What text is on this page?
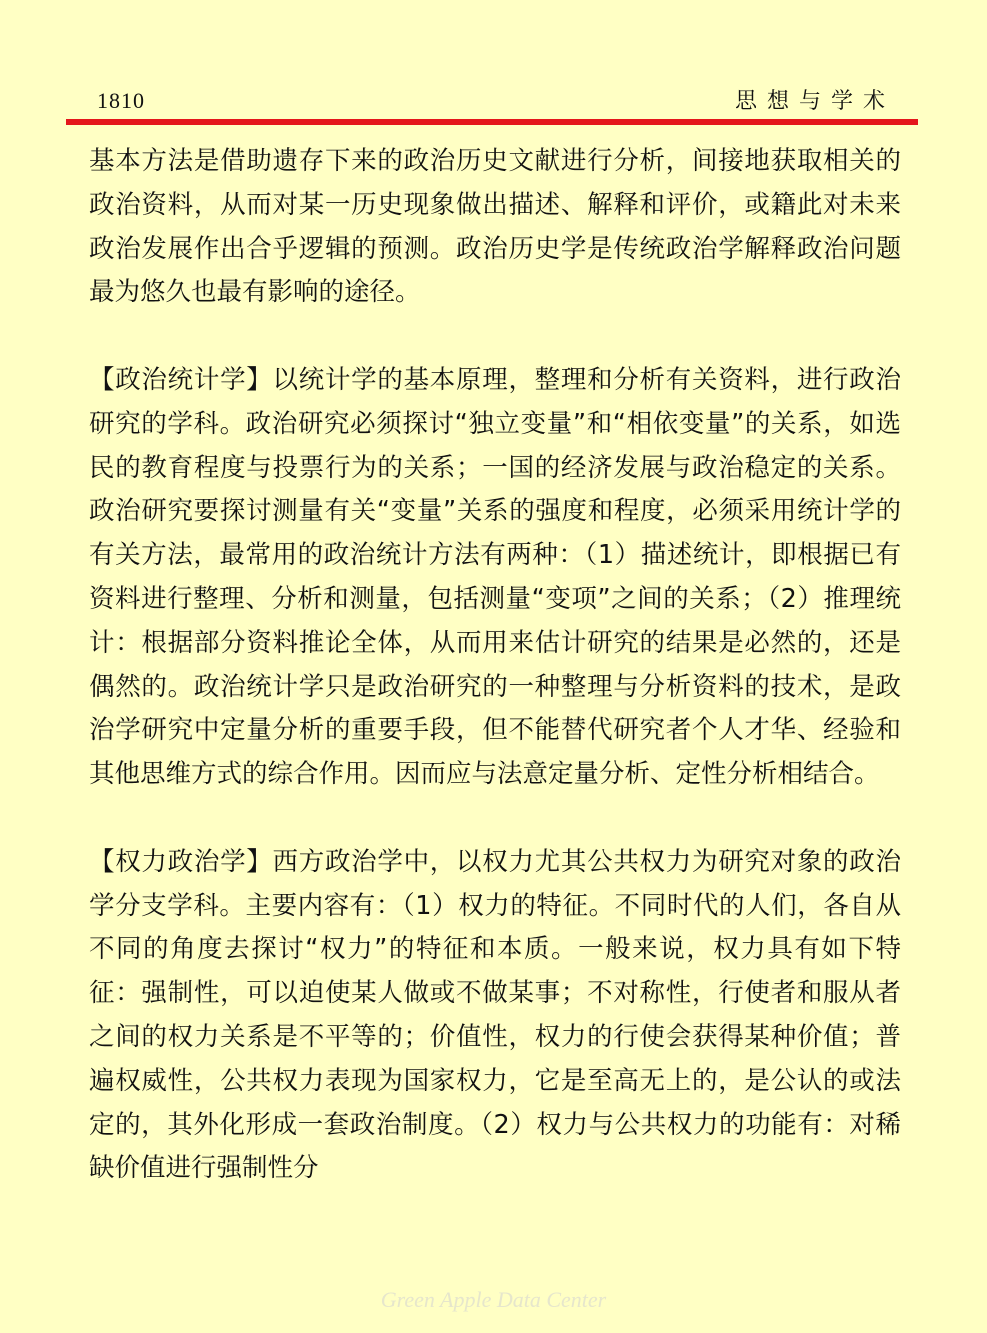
1810	思想与学术

基本方法是借助遗存下来的政治历史文献进行分析，间接地获取相关的政治资料，从而对某一历史现象做出描述、解释和评价，或籍此对未来政治发展作出合乎逻辑的预测。政治历史学是传统政治学解释政治问题最为悠久也最有影响的途径。

【政治统计学】以统计学的基本原理，整理和分析有关资料，进行政治研究的学科。政治研究必须探讨“独立变量”和“相依变量”的关系，如选民的教育程度与投票行为的关系；一国的经济发展与政治稳定的关系。政治研究要探讨测量有关“变量”关系的强度和程度，必须采用统计学的有关方法，最常用的政治统计方法有两种：（1）描述统计，即根据已有资料进行整理、分析和测量，包括测量“变项”之间的关系；（2）推理统计：根据部分资料推论全体，从而用来估计研究的结果是必然的，还是偶然的。政治统计学只是政治研究的一种整理与分析资料的技术，是政治学研究中定量分析的重要手段，但不能替代研究者个人才华、经验和其他思维方式的综合作用。因而应与法意定量分析、定性分析相结合。

【权力政治学】西方政治学中，以权力尤其公共权力为研究对象的政治学分支学科。主要内容有：（1）权力的特征。不同时代的人们，各自从不同的角度去探讨“权力”的特征和本质。一般来说，权力具有如下特征：强制性，可以迫使某人做或不做某事；不对称性，行使者和服从者之间的权力关系是不平等的；价值性，权力的行使会获得某种价值；普遍权威性，公共权力表现为国家权力，它是至高无上的，是公认的或法定的，其外化形成一套政治制度。（2）权力与公共权力的功能有：对稀缺价值进行强制性分

Green Apple Data Center
